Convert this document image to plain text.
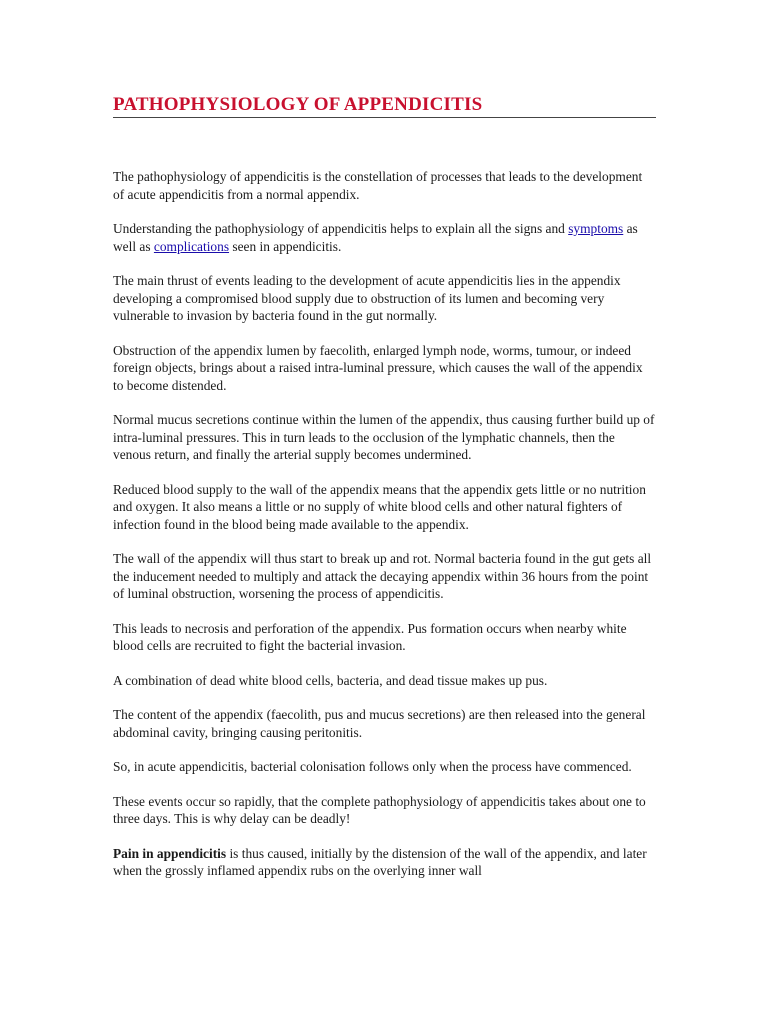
PATHOPHYSIOLOGY OF APPENDICITIS

The pathophysiology of appendicitis is the constellation of processes that leads to the development of acute appendicitis from a normal appendix.

Understanding the pathophysiology of appendicitis helps to explain all the signs and symptoms as well as complications seen in appendicitis.

The main thrust of events leading to the development of acute appendicitis lies in the appendix developing a compromised blood supply due to obstruction of its lumen and becoming very vulnerable to invasion by bacteria found in the gut normally.

Obstruction of the appendix lumen by faecolith, enlarged lymph node, worms, tumour, or indeed foreign objects, brings about a raised intra-luminal pressure, which causes the wall of the appendix to become distended.

Normal mucus secretions continue within the lumen of the appendix, thus causing further build up of intra-luminal pressures. This in turn leads to the occlusion of the lymphatic channels, then the venous return, and finally the arterial supply becomes undermined.

Reduced blood supply to the wall of the appendix means that the appendix gets little or no nutrition and oxygen. It also means a little or no supply of white blood cells and other natural fighters of infection found in the blood being made available to the appendix.

The wall of the appendix will thus start to break up and rot. Normal bacteria found in the gut gets all the inducement needed to multiply and attack the decaying appendix within 36 hours from the point of luminal obstruction, worsening the process of appendicitis.

This leads to necrosis and perforation of the appendix. Pus formation occurs when nearby white blood cells are recruited to fight the bacterial invasion.

A combination of dead white blood cells, bacteria, and dead tissue makes up pus.

The content of the appendix (faecolith, pus and mucus secretions) are then released into the general abdominal cavity, bringing causing peritonitis.

So, in acute appendicitis, bacterial colonisation follows only when the process have commenced.

These events occur so rapidly, that the complete pathophysiology of appendicitis takes about one to three days. This is why delay can be deadly!

Pain in appendicitis is thus caused, initially by the distension of the wall of the appendix, and later when the grossly inflamed appendix rubs on the overlying inner wall
